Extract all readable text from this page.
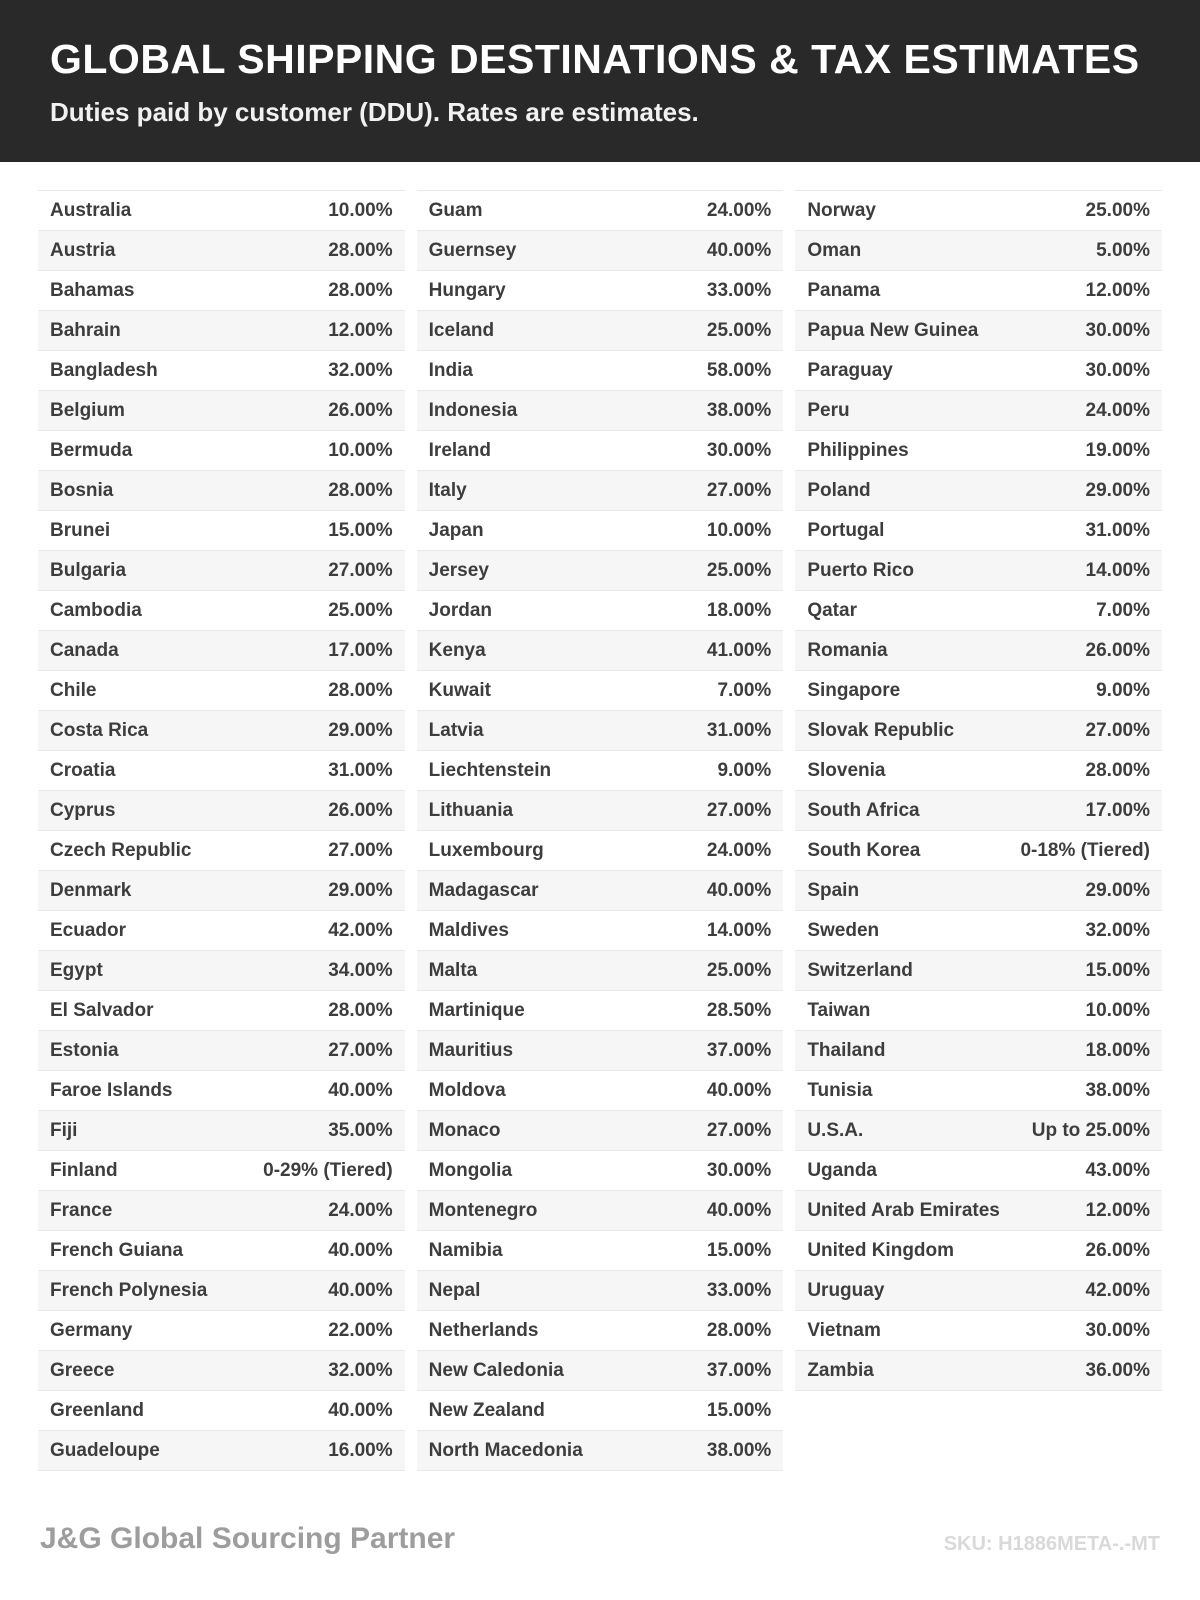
GLOBAL SHIPPING DESTINATIONS & TAX ESTIMATES

Duties paid by customer (DDU). Rates are estimates.

Australia	10.00%
Austria	28.00%
Bahamas	28.00%
Bahrain	12.00%
Bangladesh	32.00%
Belgium	26.00%
Bermuda	10.00%
Bosnia	28.00%
Brunei	15.00%
Bulgaria	27.00%
Cambodia	25.00%
Canada	17.00%
Chile	28.00%
Costa Rica	29.00%
Croatia	31.00%
Cyprus	26.00%
Czech Republic	27.00%
Denmark	29.00%
Ecuador	42.00%
Egypt	34.00%
El Salvador	28.00%
Estonia	27.00%
Faroe Islands	40.00%
Fiji	35.00%
Finland	0-29% (Tiered)
France	24.00%
French Guiana	40.00%
French Polynesia	40.00%
Germany	22.00%
Greece	32.00%
Greenland	40.00%
Guadeloupe	16.00%
Guam	24.00%
Guernsey	40.00%
Hungary	33.00%
Iceland	25.00%
India	58.00%
Indonesia	38.00%
Ireland	30.00%
Italy	27.00%
Japan	10.00%
Jersey	25.00%
Jordan	18.00%
Kenya	41.00%
Kuwait	7.00%
Latvia	31.00%
Liechtenstein	9.00%
Lithuania	27.00%
Luxembourg	24.00%
Madagascar	40.00%
Maldives	14.00%
Malta	25.00%
Martinique	28.50%
Mauritius	37.00%
Moldova	40.00%
Monaco	27.00%
Mongolia	30.00%
Montenegro	40.00%
Namibia	15.00%
Nepal	33.00%
Netherlands	28.00%
New Caledonia	37.00%
New Zealand	15.00%
North Macedonia	38.00%
Norway	25.00%
Oman	5.00%
Panama	12.00%
Papua New Guinea	30.00%
Paraguay	30.00%
Peru	24.00%
Philippines	19.00%
Poland	29.00%
Portugal	31.00%
Puerto Rico	14.00%
Qatar	7.00%
Romania	26.00%
Singapore	9.00%
Slovak Republic	27.00%
Slovenia	28.00%
South Africa	17.00%
South Korea	0-18% (Tiered)
Spain	29.00%
Sweden	32.00%
Switzerland	15.00%
Taiwan	10.00%
Thailand	18.00%
Tunisia	38.00%
U.S.A.	Up to 25.00%
Uganda	43.00%
United Arab Emirates	12.00%
United Kingdom	26.00%
Uruguay	42.00%
Vietnam	30.00%
Zambia	36.00%
J&G Global Sourcing Partner	SKU: H1886META-.-MT
